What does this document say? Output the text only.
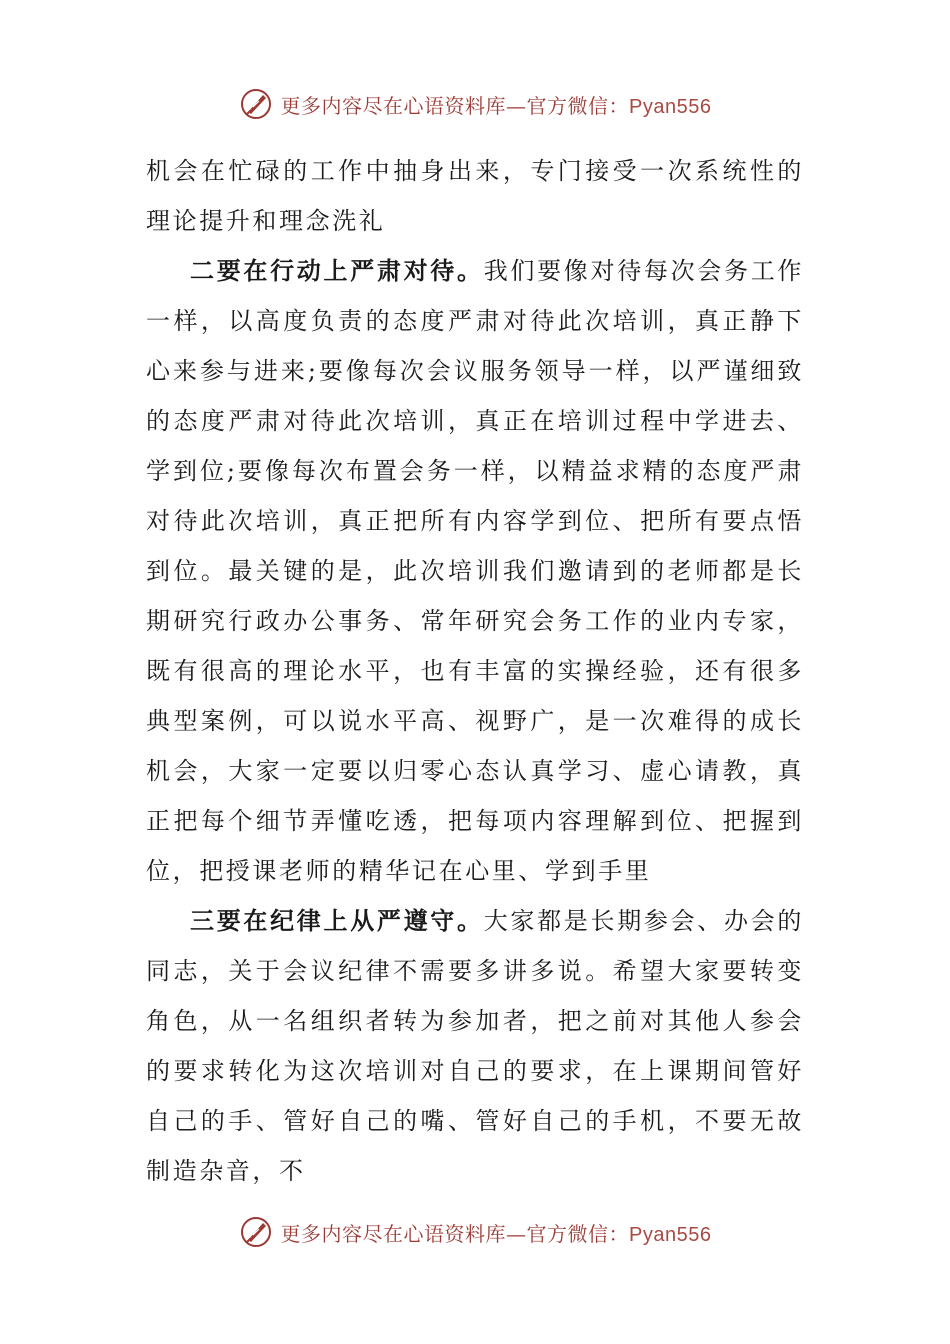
更多内容尽在心语资料库—官方微信：Pyan556

机会在忙碌的工作中抽身出来，专门接受一次系统性的理论提升和理念洗礼

二要在行动上严肃对待。我们要像对待每次会务工作一样，以高度负责的态度严肃对待此次培训，真正静下心来参与进来;要像每次会议服务领导一样，以严谨细致的态度严肃对待此次培训，真正在培训过程中学进去、学到位;要像每次布置会务一样，以精益求精的态度严肃对待此次培训，真正把所有内容学到位、把所有要点悟到位。最关键的是，此次培训我们邀请到的老师都是长期研究行政办公事务、常年研究会务工作的业内专家，既有很高的理论水平，也有丰富的实操经验，还有很多典型案例，可以说水平高、视野广，是一次难得的成长机会，大家一定要以归零心态认真学习、虚心请教，真正把每个细节弄懂吃透，把每项内容理解到位、把握到位，把授课老师的精华记在心里、学到手里

三要在纪律上从严遵守。大家都是长期参会、办会的同志，关于会议纪律不需要多讲多说。希望大家要转变角色，从一名组织者转为参加者，把之前对其他人参会的要求转化为这次培训对自己的要求，在上课期间管好自己的手、管好自己的嘴、管好自己的手机，不要无故制造杂音，不

更多内容尽在心语资料库—官方微信：Pyan556
